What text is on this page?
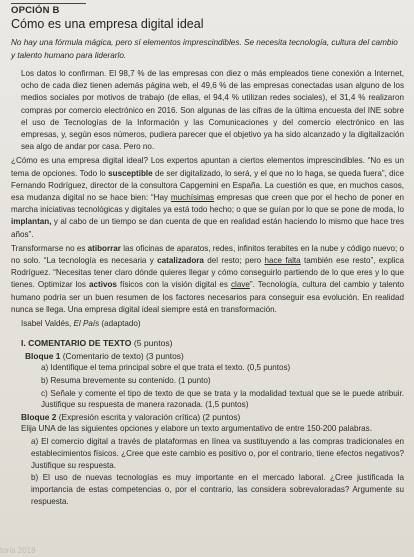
OPCIÓN B

Cómo es una empresa digital ideal

No hay una fórmula mágica, pero sí elementos imprescindibles. Se necesita tecnología, cultura del cambio y talento humano para liderarlo.

Los datos lo confirman. El 98,7 % de las empresas con diez o más empleados tiene conexión a Internet, ocho de cada diez tienen además página web, el 49,6 % de las empresas conectadas usan alguno de los medios sociales por motivos de trabajo (de ellas, el 94,4 % utilizan redes sociales), el 31,4 % realizaron compras por comercio electrónico en 2016. Son algunas de las cifras de la última encuesta del INE sobre el uso de Tecnologías de la Información y las Comunicaciones y del comercio electrónico en las empresas, y, según esos números, pudiera parecer que el objetivo ya ha sido alcanzado y la digitalización sea algo de andar por casa. Pero no.

¿Cómo es una empresa digital ideal? Los expertos apuntan a ciertos elementos imprescindibles. “No es un tema de opciones. Todo lo susceptible de ser digitalizado, lo será, y el que no lo haga, se queda fuera”, dice Fernando Rodríguez, director de la consultora Capgemini en España. La cuestión es que, en muchos casos, esa mudanza digital no se hace bien: “Hay muchísimas empresas que creen que por el hecho de poner en marcha iniciativas tecnológicas y digitales ya está todo hecho; o que se guían por lo que se pone de moda, lo implantan, y al cabo de un tiempo se dan cuenta de que en realidad están haciendo lo mismo que hace tres años”.

Transformarse no es atiborrar las oficinas de aparatos, redes, infinitos terabites en la nube y código nuevo; o no solo. “La tecnología es necesaria y catalizadora del resto; pero hace falta también ese resto”, explica Rodríguez. “Necesitas tener claro dónde quieres llegar y cómo conseguirlo partiendo de lo que eres y lo que tienes. Optimizar los activos físicos con la visión digital es clave”. Tecnología, cultura del cambio y talento humano podría ser un buen resumen de los factores necesarios para conseguir esa evolución. En realidad nunca se llega. Una empresa digital ideal siempre está en transformación.

Isabel Valdés, El País (adaptado)

I. COMENTARIO DE TEXTO (5 puntos)

Bloque 1 (Comentario de texto) (3 puntos)

a) Identifique el tema principal sobre el que trata el texto. (0,5 puntos)

b) Resuma brevemente su contenido. (1 punto)

c) Señale y comente el tipo de texto de que se trata y la modalidad textual que se le puede atribuir. Justifique su respuesta de manera razonada. (1,5 puntos)

Bloque 2 (Expresión escrita y valoración crítica) (2 puntos)

Elija UNA de las siguientes opciones y elabore un texto argumentativo de entre 150-200 palabras.

a) El comercio digital a través de plataformas en línea va sustituyendo a las compras tradicionales en establecimientos físicos. ¿Cree que este cambio es positivo o, por el contrario, tiene efectos negativos? Justifique su respuesta.

b) El uso de nuevas tecnologías es muy importante en el mercado laboral. ¿Cree justificada la importancia de estas competencias o, por el contrario, las considera sobrevaloradas? Argumente su respuesta.

toria 2018
